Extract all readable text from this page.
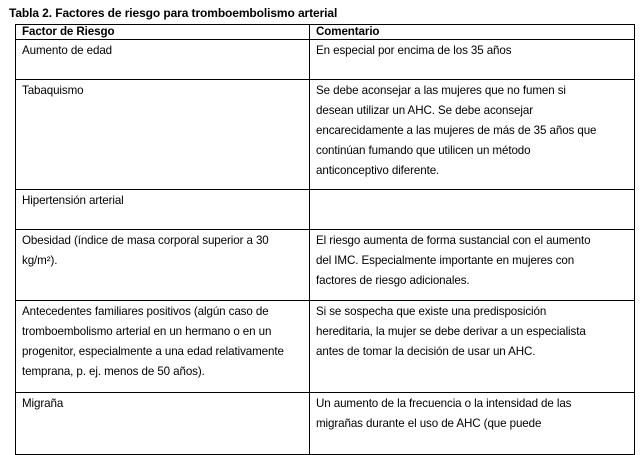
Tabla 2. Factores de riesgo para tromboembolismo arterial
Factor de Riesgo	Comentario

Aumento de edad	En especial por encima de los 35 años

Tabaquismo	Se debe aconsejar a las mujeres que no fumen si
desean utilizar un AHC. Se debe aconsejar
encarecidamente a las mujeres de más de 35 años que
continúan fumando que utilicen un método
anticonceptivo diferente.

Hipertensión arterial	

Obesidad (índice de masa corporal superior a 30
kg/m²).	El riesgo aumenta de forma sustancial con el aumento
del IMC. Especialmente importante en mujeres con
factores de riesgo adicionales.

Antecedentes familiares positivos (algún caso de
tromboembolismo arterial en un hermano o en un
progenitor, especialmente a una edad relativamente
temprana, p. ej. menos de 50 años).	Si se sospecha que existe una predisposición
hereditaria, la mujer se debe derivar a un especialista
antes de tomar la decisión de usar un AHC.

Migraña	Un aumento de la frecuencia o la intensidad de las
migrañas durante el uso de AHC (que puede
